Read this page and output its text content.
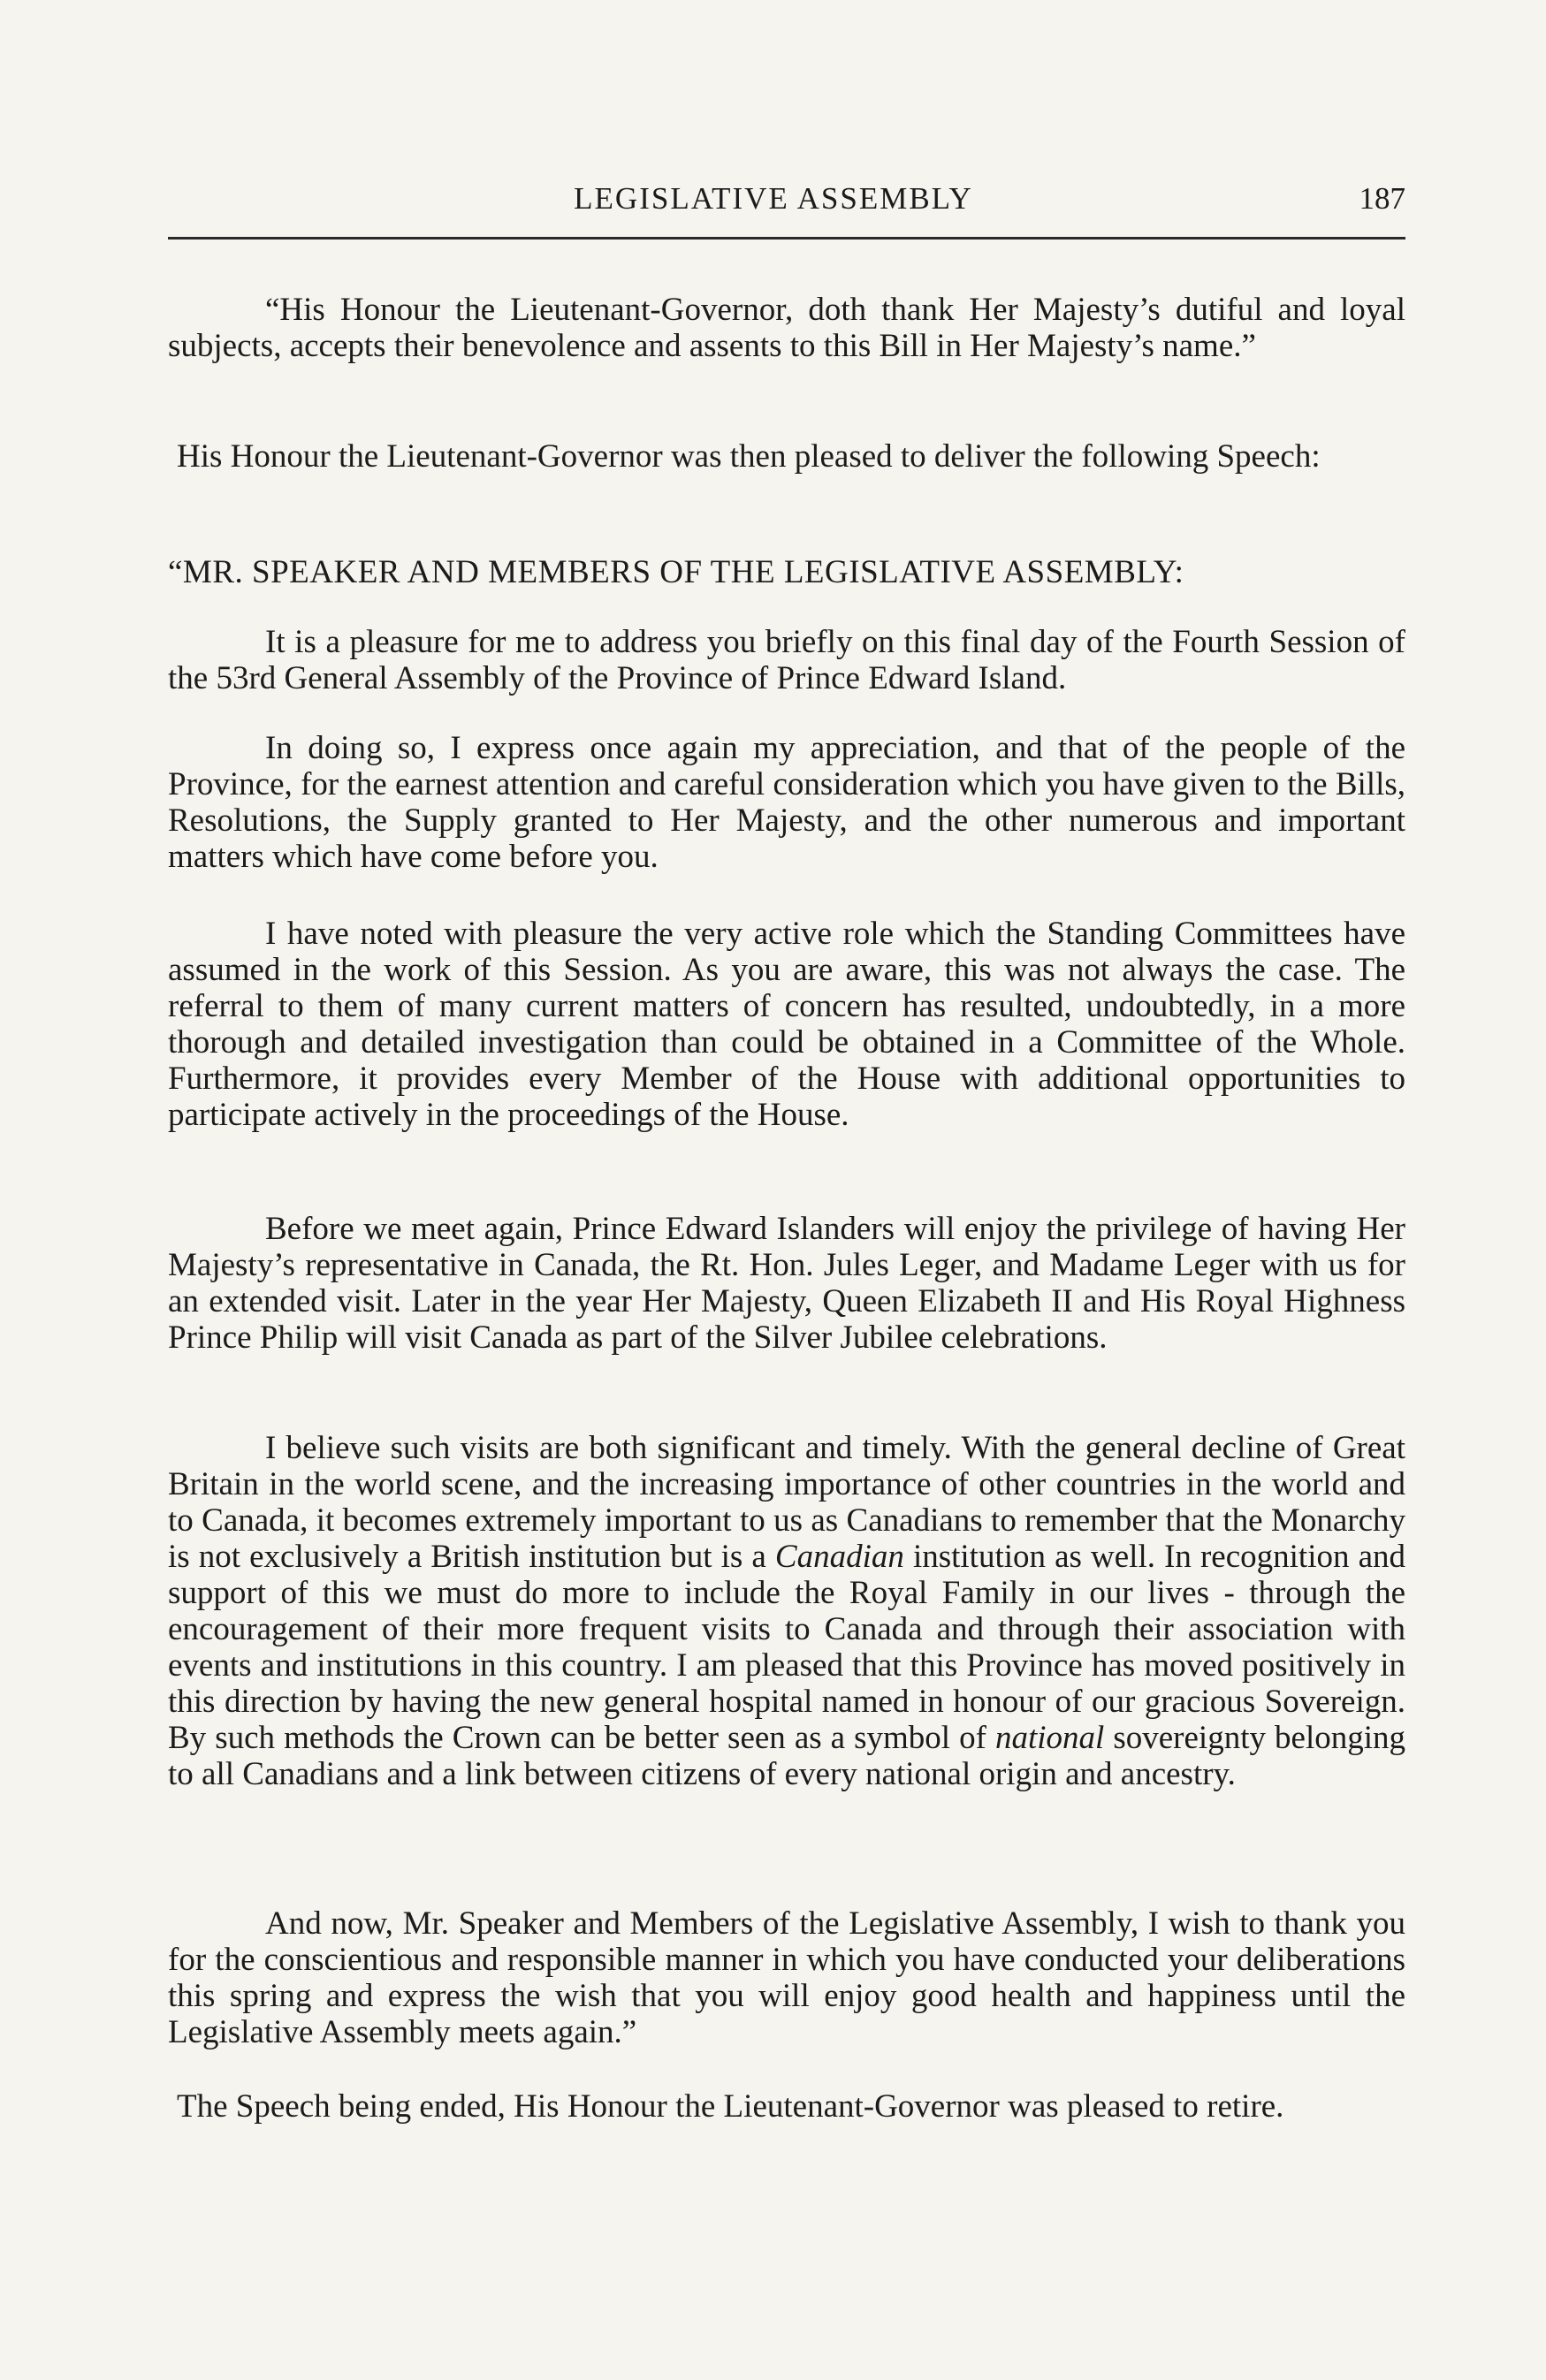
LEGISLATIVE ASSEMBLY	187

“His Honour the Lieutenant-Governor, doth thank Her Majesty’s dutiful and loyal subjects, accepts their benevolence and assents to this Bill in Her Majesty’s name.”

His Honour the Lieutenant-Governor was then pleased to deliver the following Speech:

“MR. SPEAKER AND MEMBERS OF THE LEGISLATIVE ASSEMBLY:

It is a pleasure for me to address you briefly on this final day of the Fourth Session of the 53rd General Assembly of the Province of Prince Edward Island.

In doing so, I express once again my appreciation, and that of the people of the Province, for the earnest attention and careful consideration which you have given to the Bills, Resolutions, the Supply granted to Her Majesty, and the other numerous and important matters which have come before you.

I have noted with pleasure the very active role which the Standing Committees have assumed in the work of this Session. As you are aware, this was not always the case. The referral to them of many current matters of concern has resulted, undoubtedly, in a more thorough and detailed investigation than could be obtained in a Committee of the Whole. Furthermore, it provides every Member of the House with additional opportunities to participate actively in the proceedings of the House.

Before we meet again, Prince Edward Islanders will enjoy the privilege of having Her Majesty’s representative in Canada, the Rt. Hon. Jules Leger, and Madame Leger with us for an extended visit. Later in the year Her Majesty, Queen Elizabeth II and His Royal Highness Prince Philip will visit Canada as part of the Silver Jubilee celebrations.

I believe such visits are both significant and timely. With the general decline of Great Britain in the world scene, and the increasing importance of other countries in the world and to Canada, it becomes extremely important to us as Canadians to remember that the Monarchy is not exclusively a British institution but is a Canadian institution as well. In recognition and support of this we must do more to include the Royal Family in our lives - through the encouragement of their more frequent visits to Canada and through their association with events and institutions in this country. I am pleased that this Province has moved positively in this direction by having the new general hospital named in honour of our gracious Sovereign. By such methods the Crown can be better seen as a symbol of national sovereignty belonging to all Canadians and a link between citizens of every national origin and ancestry.

And now, Mr. Speaker and Members of the Legislative Assembly, I wish to thank you for the conscientious and responsible manner in which you have conducted your deliberations this spring and express the wish that you will enjoy good health and happiness until the Legislative Assembly meets again.”

The Speech being ended, His Honour the Lieutenant-Governor was pleased to retire.
